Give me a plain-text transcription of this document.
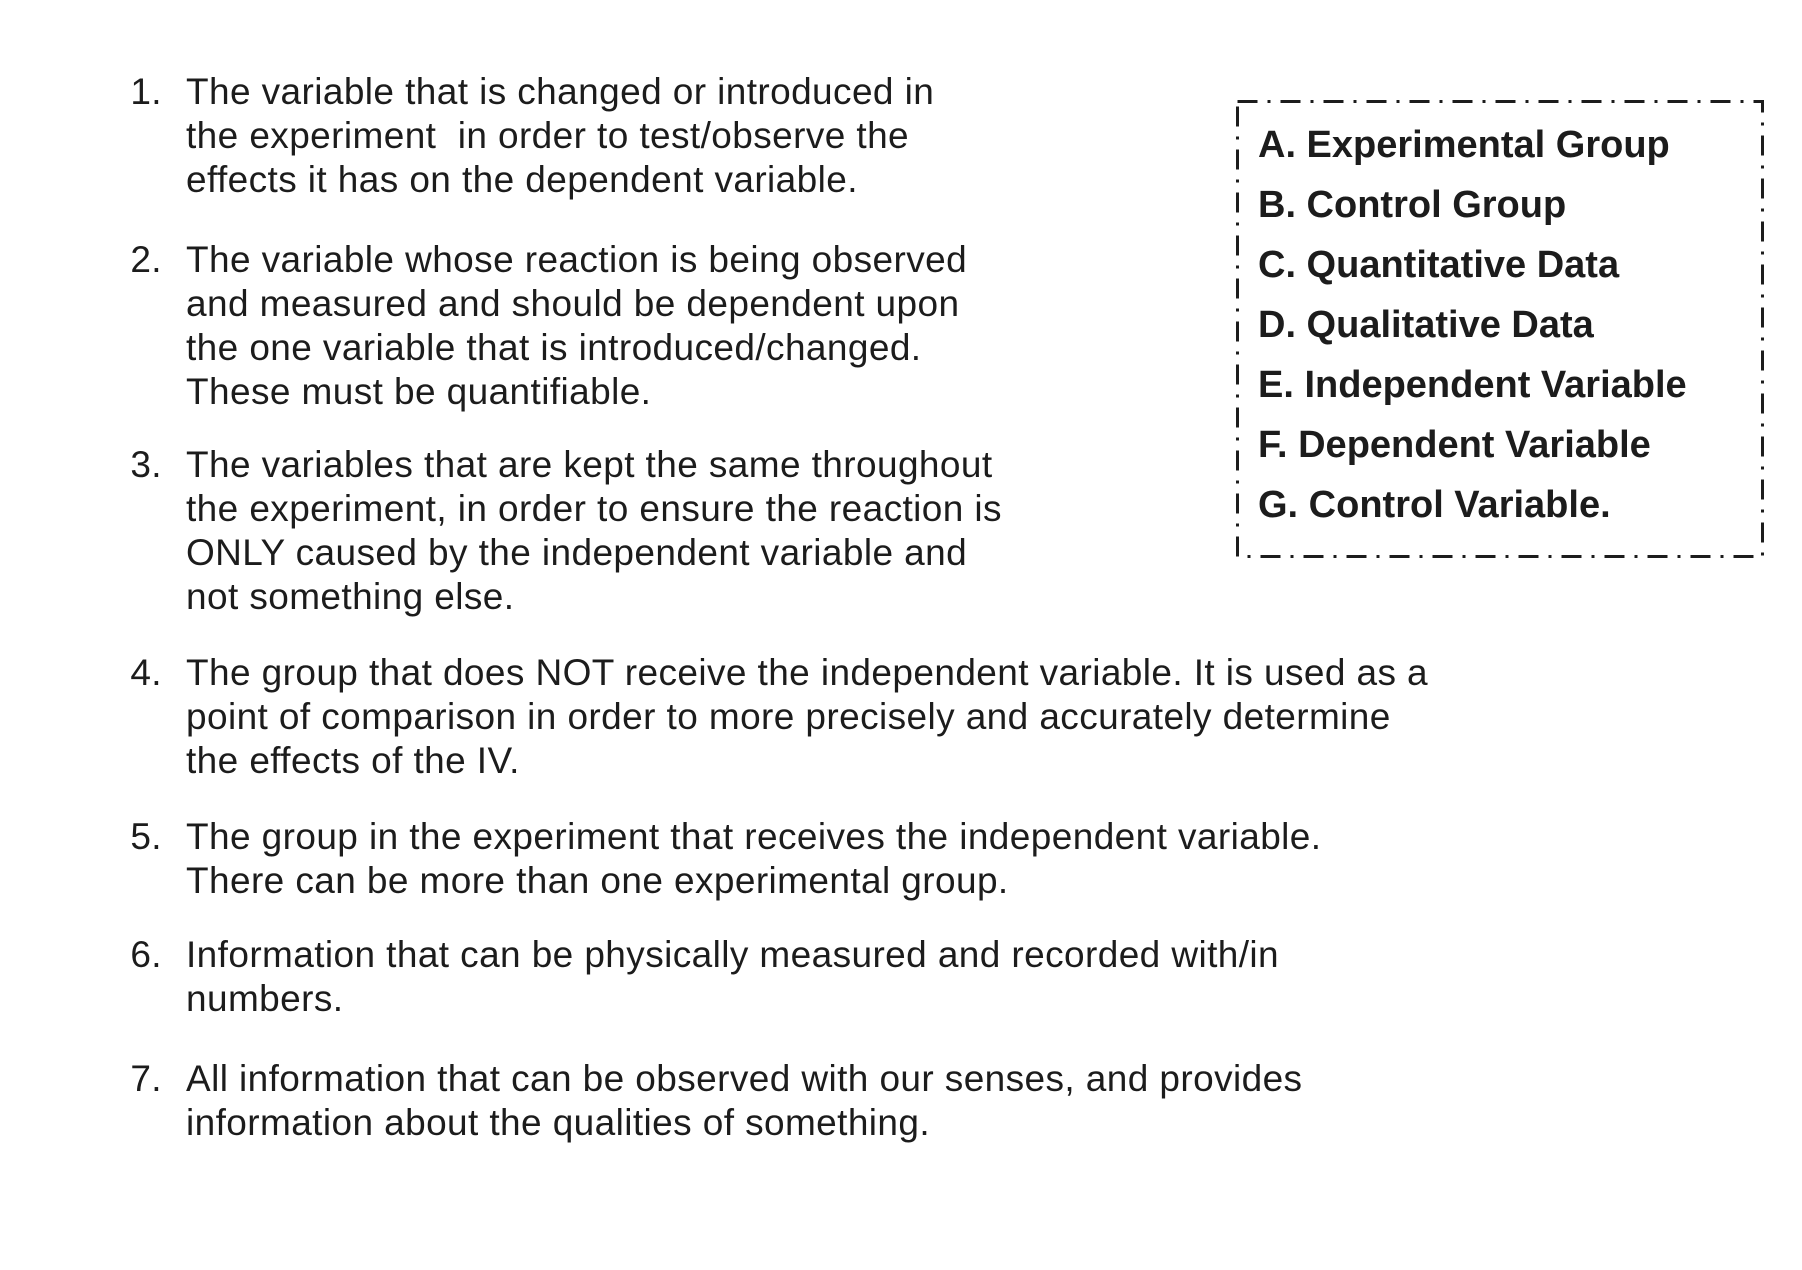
1. The variable that is changed or introduced in
the experiment  in order to test/observe the
effects it has on the dependent variable.
2. The variable whose reaction is being observed
and measured and should be dependent upon
the one variable that is introduced/changed.
These must be quantifiable.
3. The variables that are kept the same throughout
the experiment, in order to ensure the reaction is
ONLY caused by the independent variable and
not something else.
4. The group that does NOT receive the independent variable. It is used as a
point of comparison in order to more precisely and accurately determine
the effects of the IV.
5. The group in the experiment that receives the independent variable.
There can be more than one experimental group.
6. Information that can be physically measured and recorded with/in
numbers.
7. All information that can be observed with our senses, and provides
information about the qualities of something.
A. Experimental Group
B. Control Group
C. Quantitative Data
D. Qualitative Data
E. Independent Variable
F. Dependent Variable
G. Control Variable.
